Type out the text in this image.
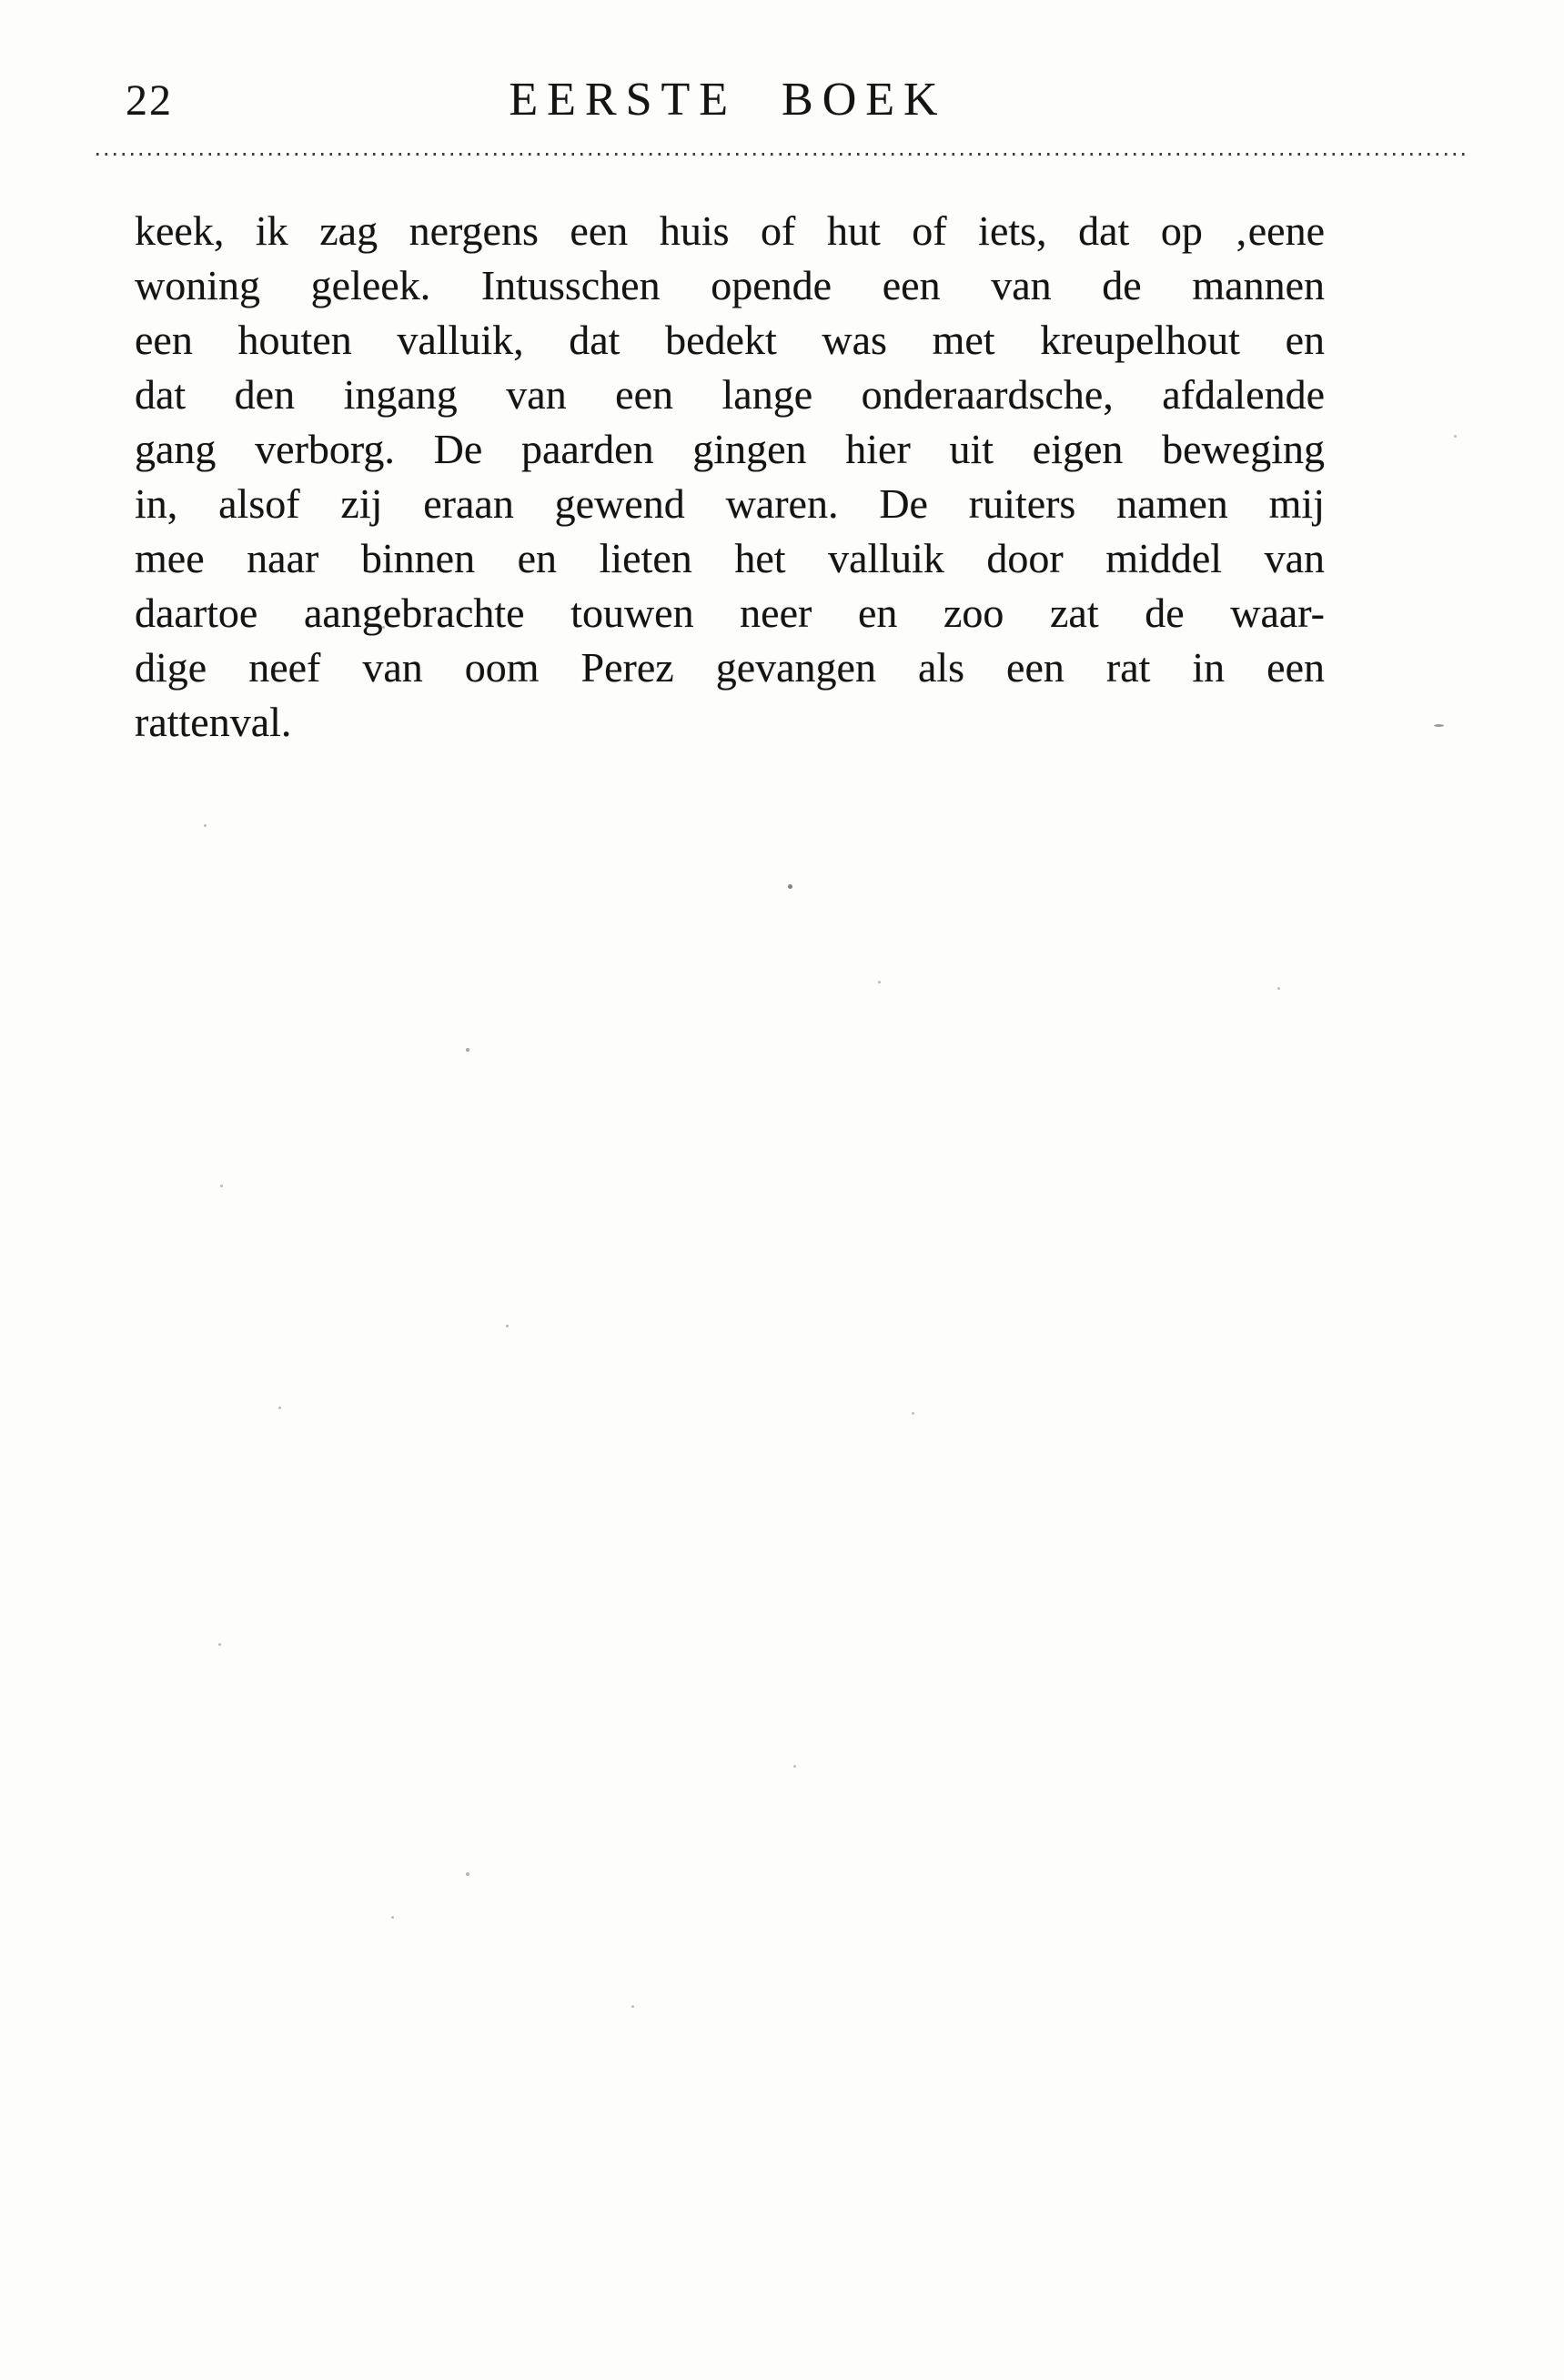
22	EERSTE BOEK
keek, ik zag nergens een huis of hut of iets, dat op ‚eene
woning geleek. Intusschen opende een van de mannen
een houten valluik, dat bedekt was met kreupelhout en
dat den ingang van een lange onderaardsche, afdalende
gang verborg. De paarden gingen hier uit eigen beweging
in, alsof zij eraan gewend waren. De ruiters namen mij
mee naar binnen en lieten het valluik door middel van
daartoe aangebrachte touwen neer en zoo zat de waar-
dige neef van oom Perez gevangen als een rat in een
rattenval.
